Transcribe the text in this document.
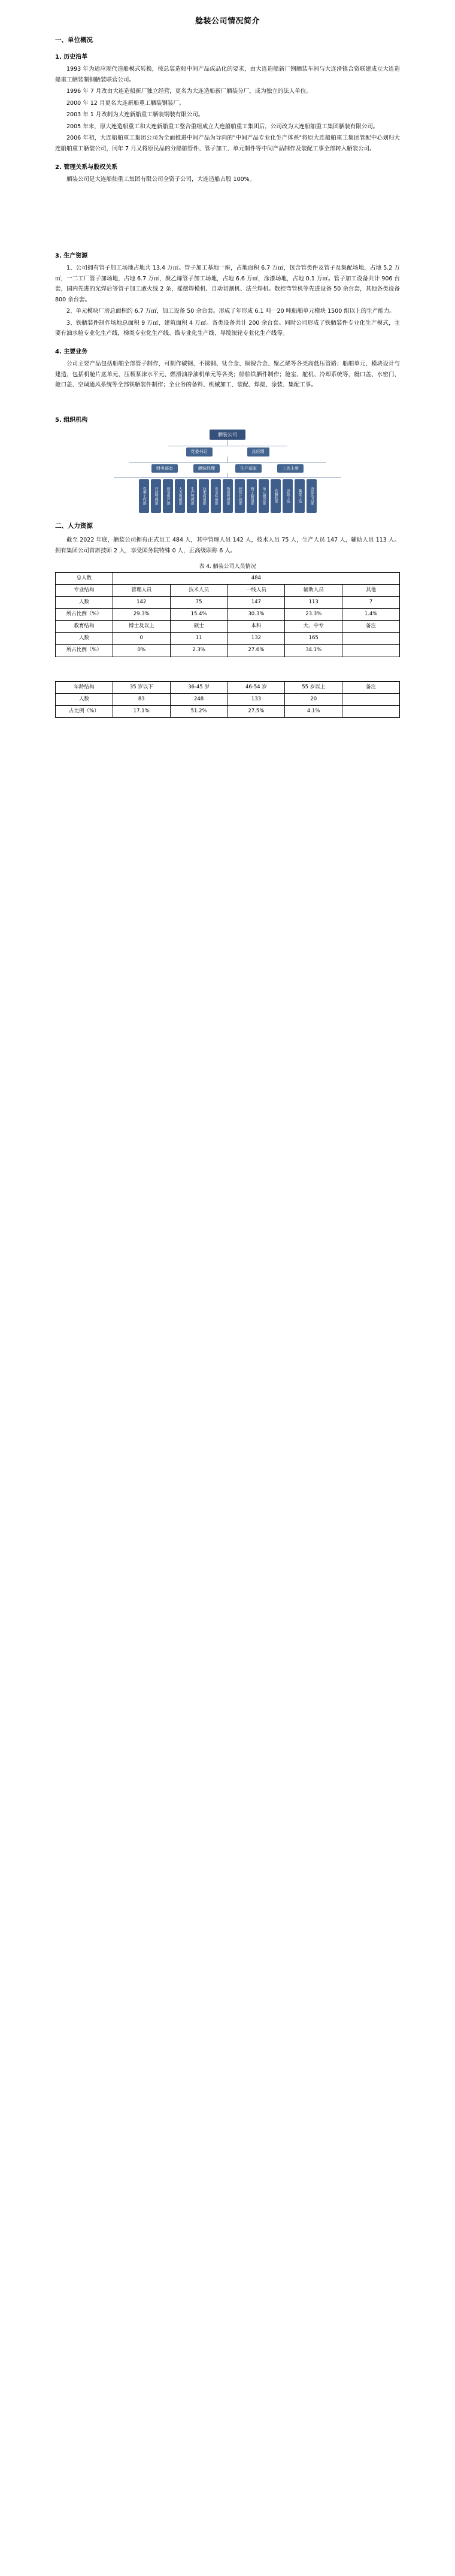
艌装公司情况简介
一、单位概况
1. 历史沿革

1993 年为适应现代造船模式转换，按总装造船中间产品成品化的要求，由大连造船新厂钢舾装车间与大连滑镇合资联建成立大连造船重工舾装制钢舾装联营公司。

1996 年 7 月改由大连造船新厂独立经营，更名为大连造船新厂舾装分厂，成为独立的法人单位。

2000 年 12 月更名大连新船重工舾装钢装厂。

2003 年 1 月改制为大连新船重工舾装钢装有限公司。

2005 年末，原大连造船重工和大连新船重工整合重组成立大连船舶重工集团后，公司改为大连船舶重工集团舾装有限公司。

2006 年初，大连船舶重工集团公司为全面推进中间产品为导向的"中间产品专业化生产体系"将原大连船舶重工集团管配中心划归大连船舶重工舾装公司，同年 7 月又将原民品的分船舶管件、管子加工、单元制件等中间产品制作及装配工事全部转入舾装公司。

2. 管理关系与股权关系

舾装公司是大连船舶重工集团有限公司全资子公司，大连造船占股 100%。

3. 生产资源

1、公司拥有管子加工场地占地共 13.4 万㎡。管子加工基地一座，占地面积 6.7 万㎡，包含管类件及管子及集配场地，占地 5.2 万㎡，一二工厂管子加场地，占地 6.7 万㎡，聚乙烯管子加工场地，占地 6.6 万㎡，涂漆场地，占地 0.1 万㎡。管子加工设备共计 906 台套，国内先进的光焊后等管子加工液火线 2 条，摇摆焊模机、自动切割机、法兰焊机。数控弯管机等先进设备 50 余台套，其他各类设备 800 余台套。

2、单元模块厂房总面积约 6.7 万㎡，加工设备 50 余台套。形成了年形成 6.1 吨一20 吨船舶单元模块 1500 组以上的生产能力。

3、铁舾装件制作场地总面积 9 万㎡，建筑面积 4 万㎡。各类设备共计 200 余台套。同时公司形成了铁舾装件专业化生产模式，主要有油水舱专业化生产线，梯类专业化生产线、锚专业化生产线、导缆滚轮专业化生产线等。

4. 主要业务

公司主要产品包括船舶全部管子制作，可制作碳钢、不锈钢、钛合金、铜镍合金、聚乙烯等各类高低压管路；船舶单元、模块设计与建造，包括机舱片底单元、压载泵沫水平元、燃滑油净油机单元等各类；船舶铁舾件制作；舱室、舵机、冷却系统等，艇口盖、水密门、舱口盖、空调通风系统等全部铁舾装件制作；全业务的备料、机械加工、装配、焊接、涂装、集配工事。

5. 组织机构
舾装公司
党委书记	总经理
财务部室	舾装经理	生产部室	工会主席
党委工作部	行政管理部	财务资产部	人力资源部	生产管理部	技术质量部	安全环保部	物资管理部	经营计划部	管子制造部	单元模块部	铁舾装部	涂装工场	集配工场	设备动力部
二、人力资源

截至 2022 年底，舾装公司拥有正式员工 484 人，其中管理人员 142 人，技术人员 75 人，生产人员 147 人，辅助人员 113 人。拥有集团公司首席技师 2 人，享受国务院特殊 0 人，正高级职称 6 人。

表 4. 舾装公司人员情况
总人数	484				
专业结构	管理人员	技术人员	一线人员	辅助人员	其他
人数	142	75	147	113	7
所占比例（%）	29.3%	15.4%	30.3%	23.3%	1.4%
教育结构	博士及以上	硕士	本科	大、中专	备注
人数	0	11	132	165	
所占比例（%）	0%	2.3%	27.6%	34.1%	
年龄结构	35 岁以下	36-45 岁	46-54 岁	55 岁以上	备注
人数	83	248	133	20	
占比例（%）	17.1%	51.2%	27.5%	4.1%	
